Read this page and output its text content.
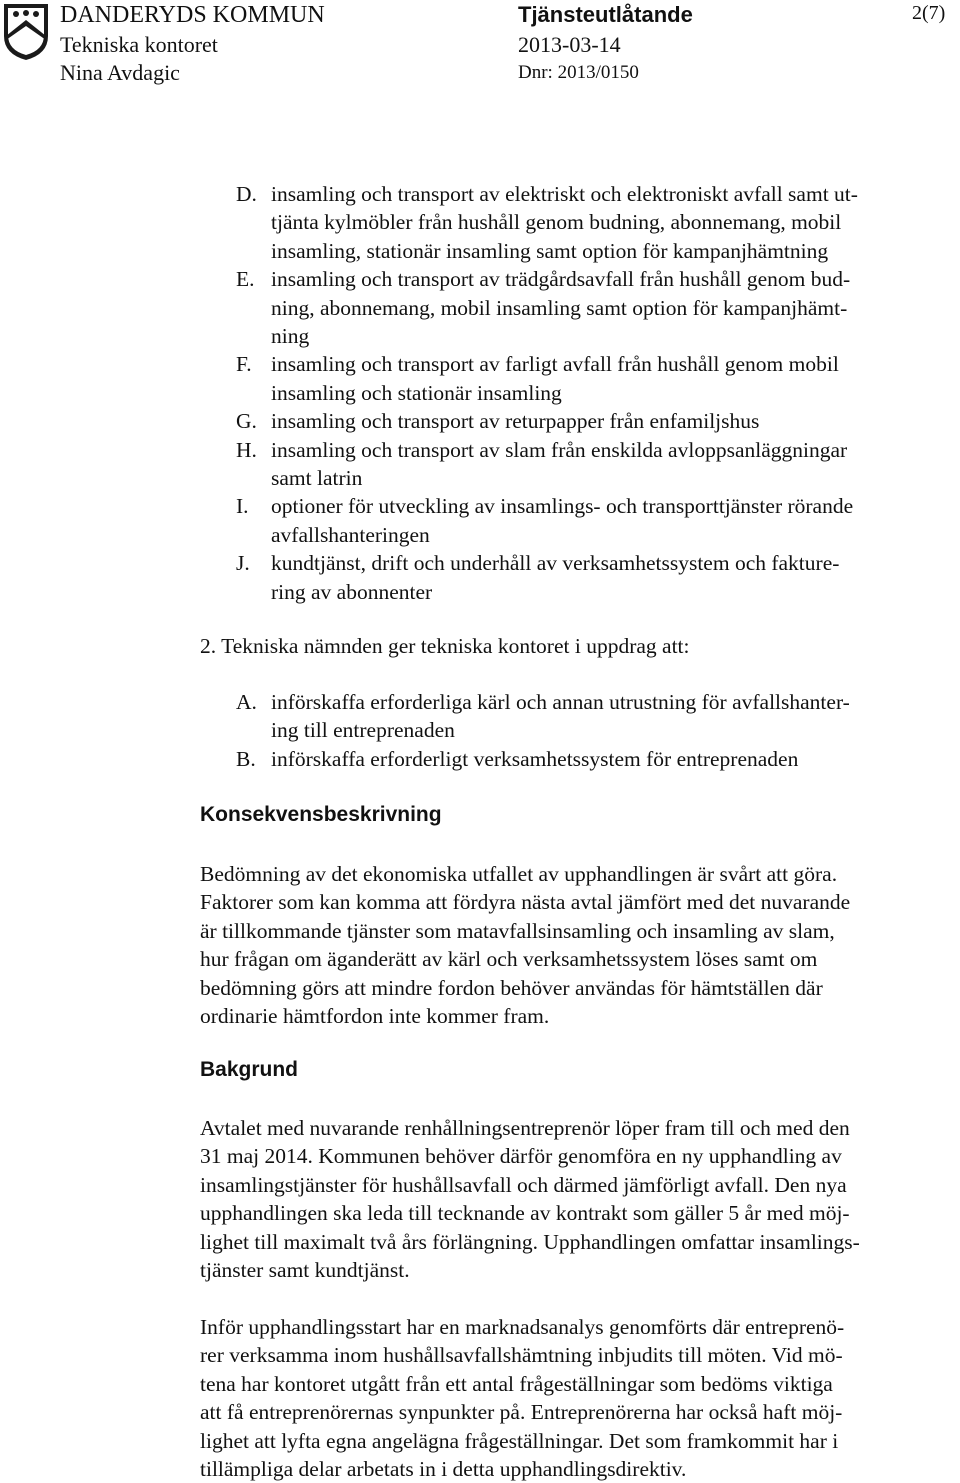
DANDERYDS KOMMUN
Tekniska kontoret
Nina Avdagic
Tjänsteutlåtande
2013-03-14
Dnr: 2013/0150
2(7)
D. insamling och transport av elektriskt och elektroniskt avfall samt ut-
tjänta kylmöbler från hushåll genom budning, abonnemang, mobil
insamling, stationär insamling samt option för kampanjhämtning
E. insamling och transport av trädgårdsavfall från hushåll genom bud-
ning, abonnemang, mobil insamling samt option för kampanjhämt-
ning
F. insamling och transport av farligt avfall från hushåll genom mobil
insamling och stationär insamling
G. insamling och transport av returpapper från enfamiljshus
H. insamling och transport av slam från enskilda avloppsanläggningar
samt latrin
I. optioner för utveckling av insamlings- och transporttjänster rörande
avfallshanteringen
J. kundtjänst, drift och underhåll av verksamhetssystem och fakture-
ring av abonnenter
2. Tekniska nämnden ger tekniska kontoret i uppdrag att:
A. införskaffa erforderliga kärl och annan utrustning för avfallshanter-
ing till entreprenaden
B. införskaffa erforderligt verksamhetssystem för entreprenaden
Konsekvensbeskrivning
Bedömning av det ekonomiska utfallet av upphandlingen är svårt att göra.
Faktorer som kan komma att fördyra nästa avtal jämfört med det nuvarande
är tillkommande tjänster som matavfallsinsamling och insamling av slam,
hur frågan om äganderätt av kärl och verksamhetssystem löses samt om
bedömning görs att mindre fordon behöver användas för hämtställen där
ordinarie hämtfordon inte kommer fram.
Bakgrund
Avtalet med nuvarande renhållningsentreprenör löper fram till och med den
31 maj 2014. Kommunen behöver därför genomföra en ny upphandling av
insamlingstjänster för hushållsavfall och därmed jämförligt avfall. Den nya
upphandlingen ska leda till tecknande av kontrakt som gäller 5 år med möj-
lighet till maximalt två års förlängning. Upphandlingen omfattar insamlings-
tjänster samt kundtjänst.
Inför upphandlingsstart har en marknadsanalys genomförts där entreprenö-
rer verksamma inom hushållsavfallshämtning inbjudits till möten. Vid mö-
tena har kontoret utgått från ett antal frågeställningar som bedöms viktiga
att få entreprenörernas synpunkter på. Entreprenörerna har också haft möj-
lighet att lyfta egna angelägna frågeställningar. Det som framkommit har i
tillämpliga delar arbetats in i detta upphandlingsdirektiv.
